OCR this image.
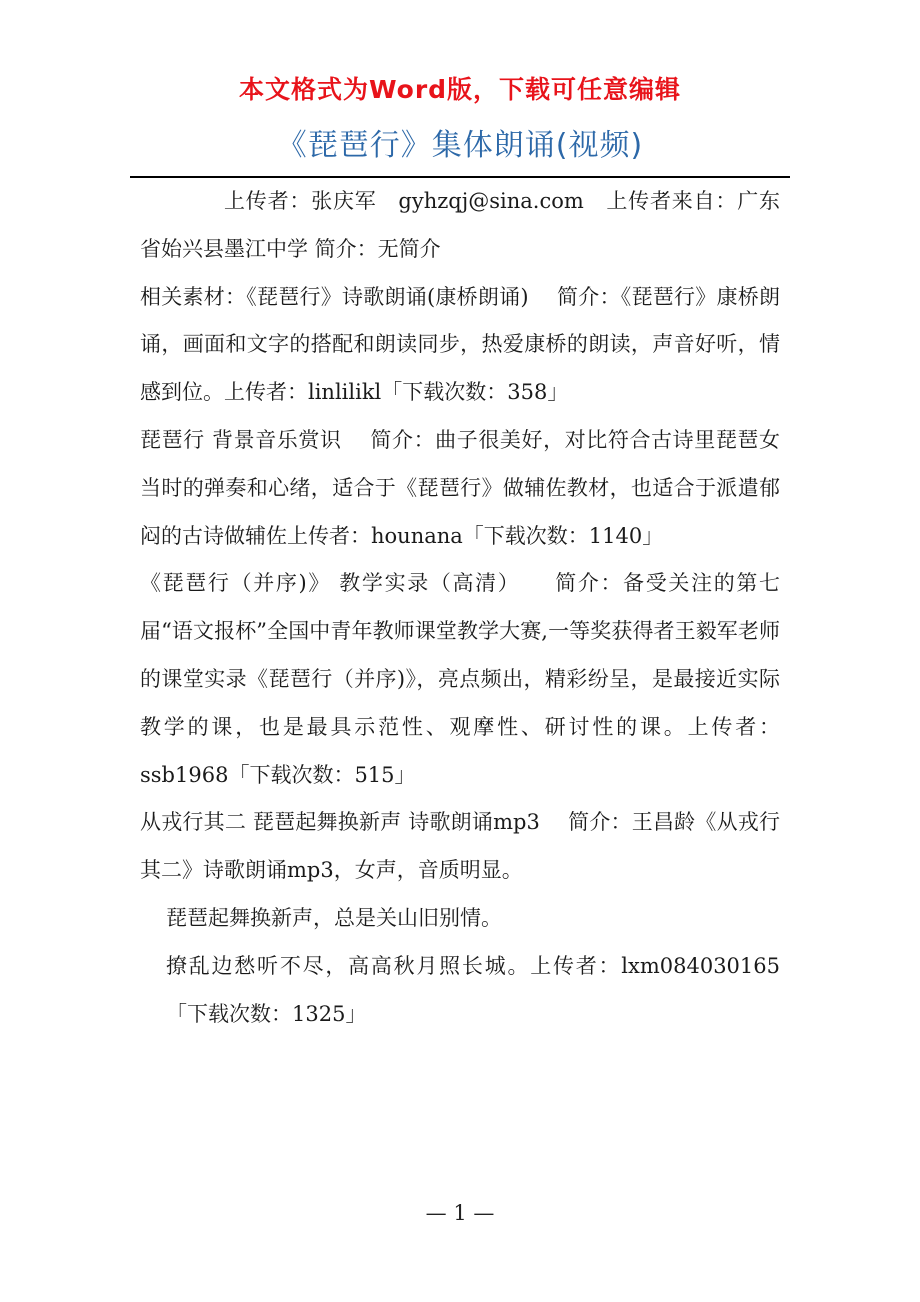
本文格式为Word版，下载可任意编辑
《琵琶行》集体朗诵(视频)

上传者：张庆军　gyhzqj@sina.com　上传者来自：广东省始兴县墨江中学 简介：无简介

相关素材：《琵琶行》诗歌朗诵(康桥朗诵)　 简介：《琵琶行》康桥朗诵，画面和文字的搭配和朗读同步，热爱康桥的朗读，声音好听，情感到位。上传者：linlilikl「下载次数：358」

琵琶行 背景音乐赏识　 简介：曲子很美好，对比符合古诗里琵琶女当时的弹奏和心绪，适合于《琵琶行》做辅佐教材，也适合于派遣郁闷的古诗做辅佐上传者：hounana「下载次数：1140」

《琵琶行（并序)》 教学实录（高清）　　简介：备受关注的第七届“语文报杯”全国中青年教师课堂教学大赛,一等奖获得者王毅军老师的课堂实录《琵琶行（并序)》，亮点频出，精彩纷呈，是最接近实际教学的课，也是最具示范性、观摩性、研讨性的课。上传者：ssb1968「下载次数：515」

从戎行其二 琵琶起舞换新声 诗歌朗诵mp3　 简介：王昌龄《从戎行其二》诗歌朗诵mp3，女声，音质明显。

琵琶起舞换新声，总是关山旧别情。

撩乱边愁听不尽，高高秋月照长城。上传者：lxm084030165「下载次数：1325」

— 1 —
